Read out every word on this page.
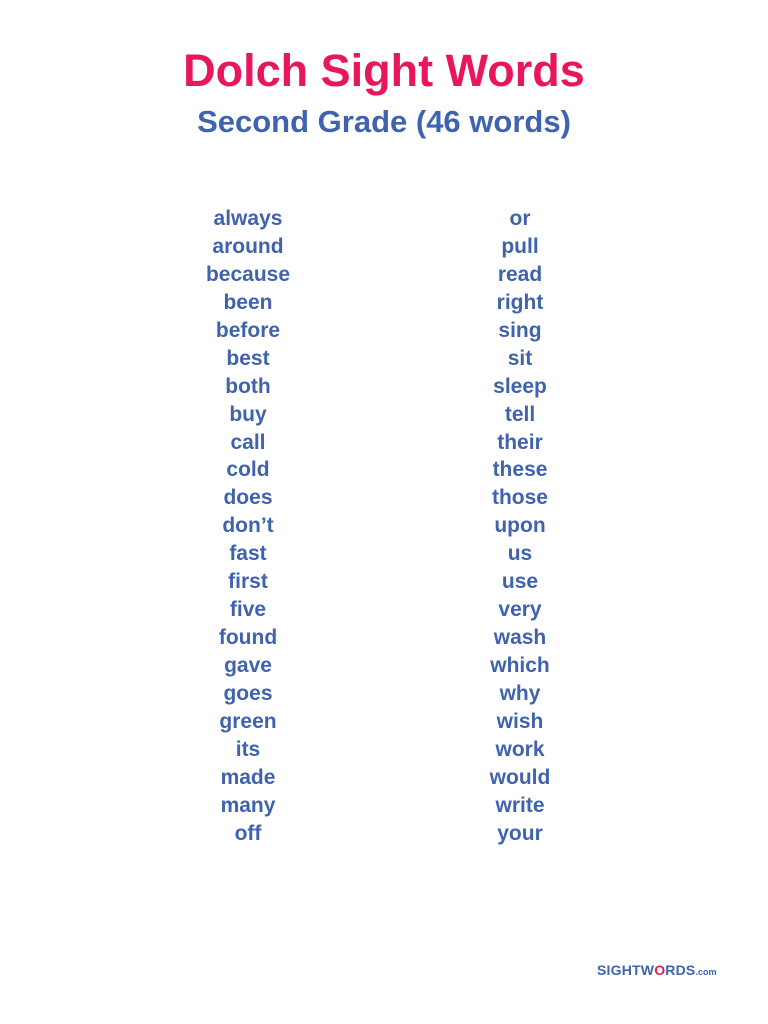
Dolch Sight Words
Second Grade (46 words)
always
around
because
been
before
best
both
buy
call
cold
does
don’t
fast
first
five
found
gave
goes
green
its
made
many
off
or
pull
read
right
sing
sit
sleep
tell
their
these
those
upon
us
use
very
wash
which
why
wish
work
would
write
your
SIGHTWORDS.com
